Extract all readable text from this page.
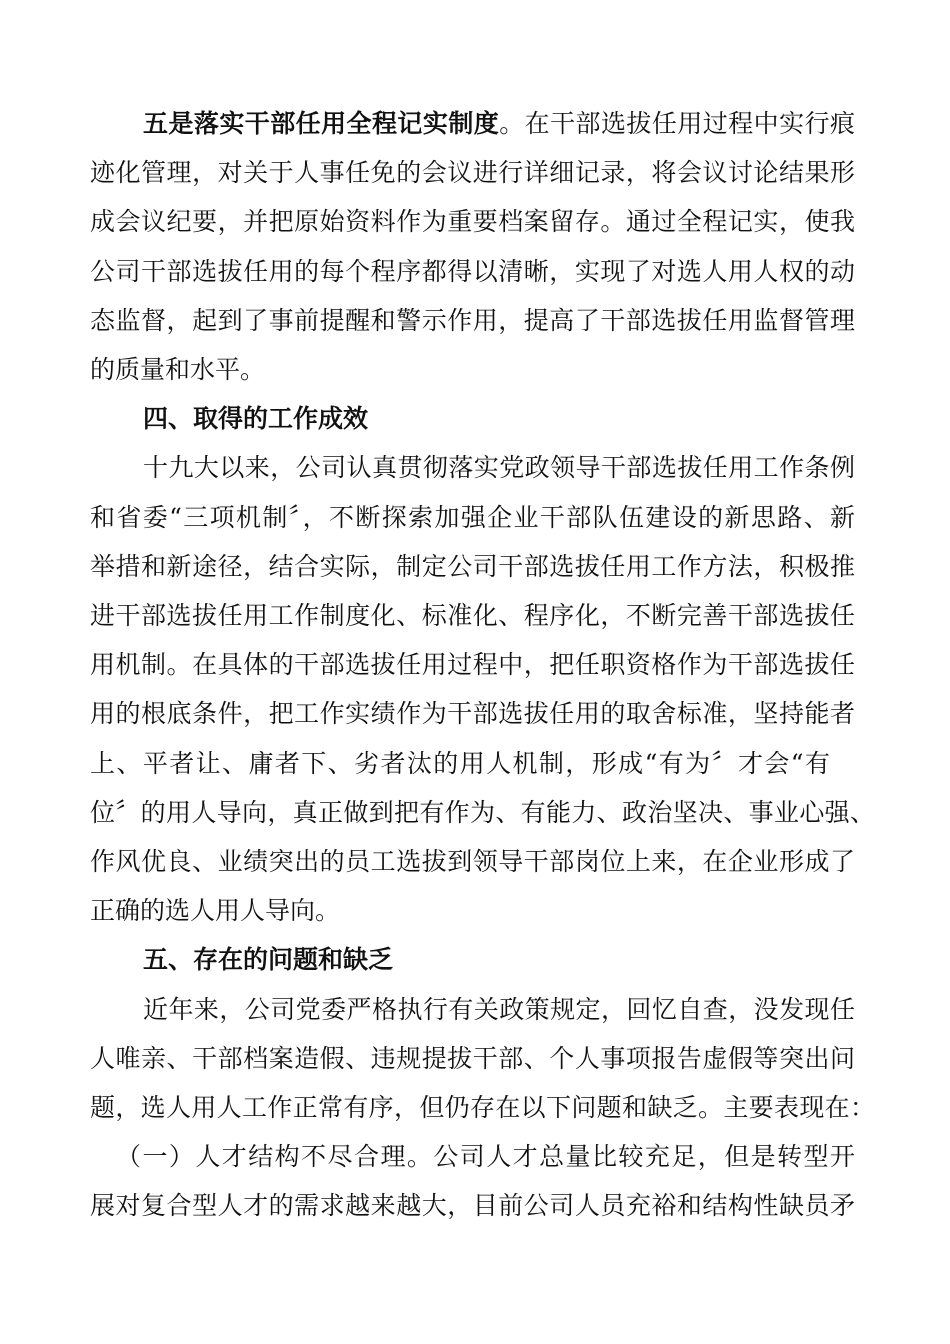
五是落实干部任用全程记实制度。在干部选拔任用过程中实行痕
迹化管理，对关于人事任免的会议进行详细记录，将会议讨论结果形
成会议纪要，并把原始资料作为重要档案留存。通过全程记实，使我
公司干部选拔任用的每个程序都得以清晰，实现了对选人用人权的动
态监督，起到了事前提醒和警示作用，提高了干部选拔任用监督管理
的质量和水平。
四、取得的工作成效
十九大以来，公司认真贯彻落实党政领导干部选拔任用工作条例
和省委“三项机制〞，不断探索加强企业干部队伍建设的新思路、新
举措和新途径，结合实际，制定公司干部选拔任用工作方法，积极推
进干部选拔任用工作制度化、标准化、程序化，不断完善干部选拔任
用机制。在具体的干部选拔任用过程中，把任职资格作为干部选拔任
用的根底条件，把工作实绩作为干部选拔任用的取舍标准，坚持能者
上、平者让、庸者下、劣者汰的用人机制，形成“有为〞才会“有
位〞的用人导向，真正做到把有作为、有能力、政治坚决、事业心强、
作风优良、业绩突出的员工选拔到领导干部岗位上来，在企业形成了
正确的选人用人导向。
五、存在的问题和缺乏
近年来，公司党委严格执行有关政策规定，回忆自查，没发现任
人唯亲、干部档案造假、违规提拔干部、个人事项报告虚假等突出问
题，选人用人工作正常有序，但仍存在以下问题和缺乏。主要表现在：
（一）人才结构不尽合理。公司人才总量比较充足，但是转型开
展对复合型人才的需求越来越大，目前公司人员充裕和结构性缺员矛
